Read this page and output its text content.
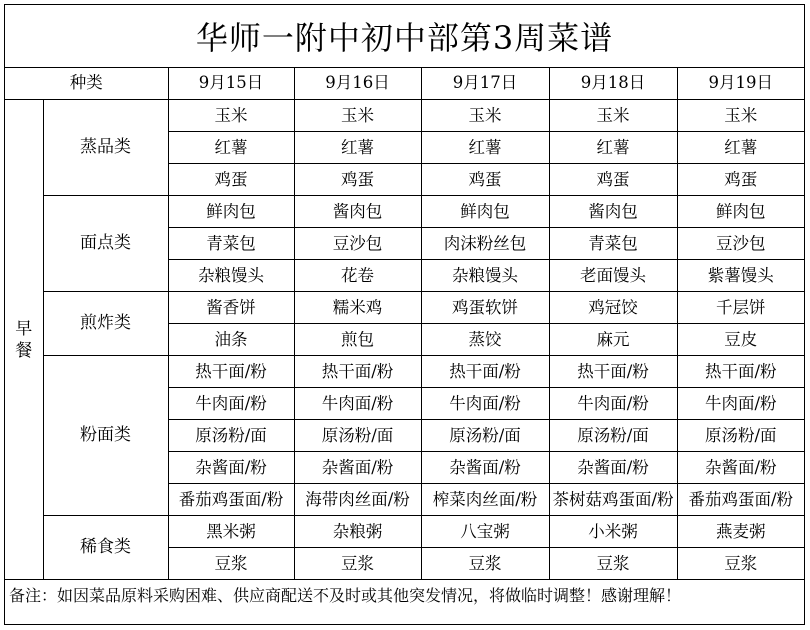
华师一附中初中部第3周菜谱
种类		9月15日	9月16日	9月17日	9月18日	9月19日

早
餐	蒸品类	玉米	玉米	玉米	玉米	玉米
		红薯	红薯	红薯	红薯	红薯
		鸡蛋	鸡蛋	鸡蛋	鸡蛋	鸡蛋
	面点类	鲜肉包	酱肉包	鲜肉包	酱肉包	鲜肉包
		青菜包	豆沙包	肉沫粉丝包	青菜包	豆沙包
		杂粮馒头	花卷	杂粮馒头	老面馒头	紫薯馒头
	煎炸类	酱香饼	糯米鸡	鸡蛋软饼	鸡冠饺	千层饼
		油条	煎包	蒸饺	麻元	豆皮
	粉面类	热干面/粉	热干面/粉	热干面/粉	热干面/粉	热干面/粉
		牛肉面/粉	牛肉面/粉	牛肉面/粉	牛肉面/粉	牛肉面/粉
		原汤粉/面	原汤粉/面	原汤粉/面	原汤粉/面	原汤粉/面
		杂酱面/粉	杂酱面/粉	杂酱面/粉	杂酱面/粉	杂酱面/粉
		番茄鸡蛋面/粉	海带肉丝面/粉	榨菜肉丝面/粉	茶树菇鸡蛋面/粉	番茄鸡蛋面/粉
	稀食类	黑米粥	杂粮粥	八宝粥	小米粥	燕麦粥
		豆浆	豆浆	豆浆	豆浆	豆浆
备注：如因菜品原料采购困难、供应商配送不及时或其他突发情况，将做临时调整！感谢理解！						
